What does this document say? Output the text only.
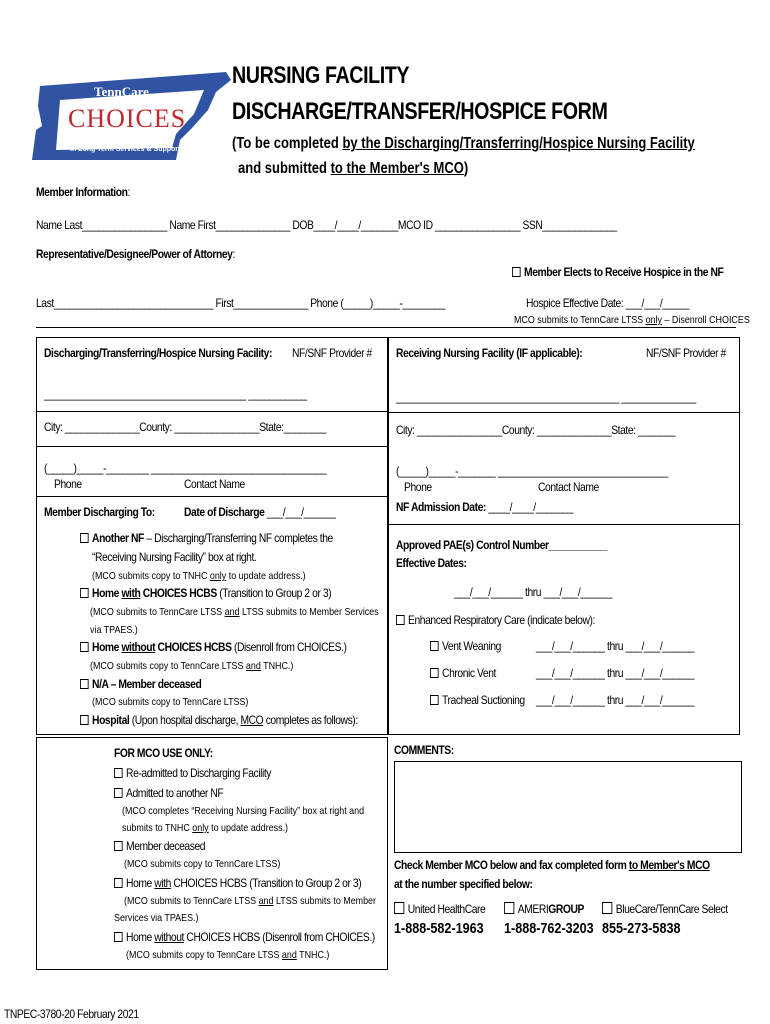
TennCare
CHOICES
in Long Term Services & Supports
NURSING FACILITY
DISCHARGE/TRANSFER/HOSPICE FORM
(To be completed by the Discharging/Transferring/Hospice Nursing Facility
and submitted to the Member's MCO)
Member Information:
Name Last________________ Name First______________ DOB____/____/_______MCO ID ________________ SSN______________
Representative/Designee/Power of Attorney:
Member Elects to Receive Hospice in the NF
Last______________________________ First______________ Phone (_____)_____-________	Hospice Effective Date: ___/___/_____
MCO submits to TennCare LTSS only – Disenroll CHOICES
Discharging/Transferring/Hospice Nursing Facility: NF/SNF Provider #
______________________________________ ___________
City: ______________County: ________________State:________
(_____)_____-________ _________________________________
Phone	Contact Name
Member Discharging To: Date of Discharge ___/___/______
Another NF – Discharging/Transferring NF completes the
“Receiving Nursing Facility” box at right.
(MCO submits copy to TNHC only to update address.)
Home with CHOICES HCBS (Transition to Group 2 or 3)
(MCO submits to TennCare LTSS and LTSS submits to Member Services
via TPAES.)
Home without CHOICES HCBS (Disenroll from CHOICES.)
(MCO submits copy to TennCare LTSS and TNHC.)
N/A – Member deceased
(MCO submits copy to TennCare LTSS)
Hospital (Upon hospital discharge, MCO completes as follows):
FOR MCO USE ONLY:
Re-admitted to Discharging Facility
Admitted to another NF
(MCO completes “Receiving Nursing Facility” box at right and
submits to TNHC only to update address.)
Member deceased
(MCO submits copy to TennCare LTSS)
Home with CHOICES HCBS (Transition to Group 2 or 3)
(MCO submits to TennCare LTSS and LTSS submits to Member
Services via TPAES.)
Home without CHOICES HCBS (Disenroll from CHOICES.)
(MCO submits copy to TennCare LTSS and TNHC.)
Receiving Nursing Facility (IF applicable):	NF/SNF Provider #
__________________________________________ ______________
City: ________________County: ______________State: _______
(_____)_____-_______ ________________________________
Phone	Contact Name
NF Admission Date: ____/____/_______
Approved PAE(s) Control Number___________
Effective Dates:
___/___/______ thru ___/___/______
Enhanced Respiratory Care (indicate below):
Vent Weaning	___/___/______ thru ___/___/______
Chronic Vent	___/___/______ thru ___/___/______
Tracheal Suctioning ___/___/______ thru ___/___/______
COMMENTS:
Check Member MCO below and fax completed form to Member's MCO
at the number specified below:
United HealthCare	AMERIGROUP	BlueCare/TennCare Select
1-888-582-1963 1-888-762-3203 855-273-5838
TNPEC-3780-20 February 2021
